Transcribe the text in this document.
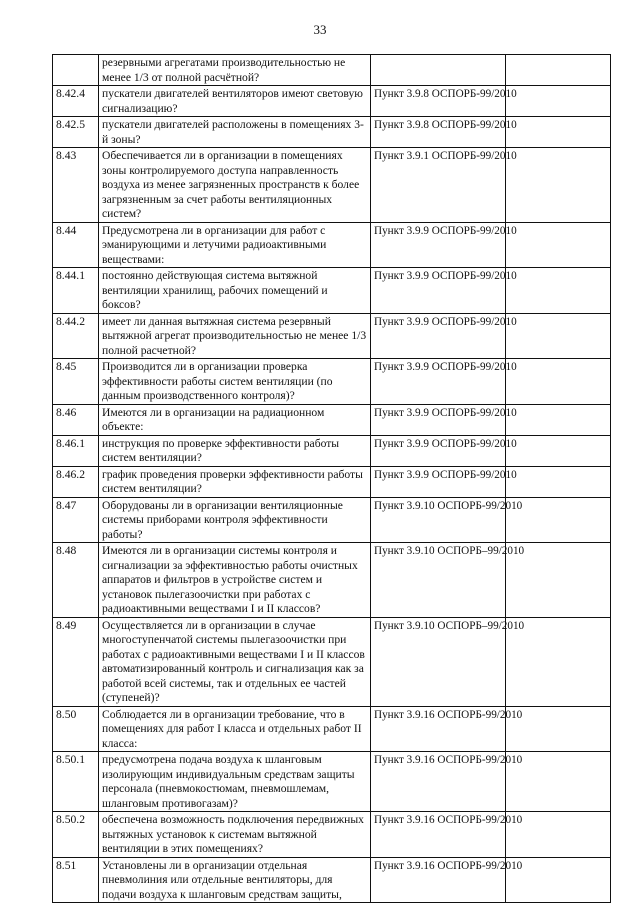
33
	резервными агрегатами производительностью не менее 1/3 от полной расчётной?		
8.42.4	пускатели двигателей вентиляторов имеют световую сигнализацию?	Пункт 3.9.8 ОСПОРБ-99/2010	
8.42.5	пускатели двигателей расположены в помещениях 3-й зоны?	Пункт 3.9.8 ОСПОРБ-99/2010	
8.43	Обеспечивается ли в организации в помещениях зоны контролируемого доступа направленность воздуха из менее загрязненных пространств к более загрязненным за счет работы вентиляционных систем?	Пункт 3.9.1 ОСПОРБ-99/2010	
8.44	Предусмотрена ли в организации для работ с эманирующими и летучими радиоактивными веществами:	Пункт 3.9.9 ОСПОРБ-99/2010	
8.44.1	постоянно действующая система вытяжной вентиляции хранилищ, рабочих помещений и боксов?	Пункт 3.9.9 ОСПОРБ-99/2010	
8.44.2	имеет ли данная вытяжная система резервный вытяжной агрегат производительностью не менее 1/3 полной расчетной?	Пункт 3.9.9 ОСПОРБ-99/2010	
8.45	Производится ли в организации проверка эффективности работы систем вентиляции (по данным производственного контроля)?	Пункт 3.9.9 ОСПОРБ-99/2010	
8.46	Имеются ли в организации на радиационном объекте:	Пункт 3.9.9 ОСПОРБ-99/2010	
8.46.1	инструкция по проверке эффективности работы систем вентиляции?	Пункт 3.9.9 ОСПОРБ-99/2010	
8.46.2	график проведения проверки эффективности работы систем вентиляции?	Пункт 3.9.9 ОСПОРБ-99/2010	
8.47	Оборудованы ли в организации вентиляционные системы приборами контроля эффективности работы?	Пункт 3.9.10 ОСПОРБ-99/2010	
8.48	Имеются ли в организации системы контроля и сигнализации за эффективностью работы очистных аппаратов и фильтров в устройстве систем и установок пылегазоочистки при работах с радиоактивными веществами I и II классов?	Пункт 3.9.10 ОСПОРБ–99/2010	
8.49	Осуществляется ли в организации в случае многоступенчатой системы пылегазоочистки при работах с радиоактивными веществами I и II классов автоматизированный контроль и сигнализация как за работой всей системы, так и отдельных ее частей (ступеней)?	Пункт 3.9.10 ОСПОРБ–99/2010	
8.50	Соблюдается ли в организации требование, что в помещениях для работ I класса и отдельных работ II класса:	Пункт 3.9.16 ОСПОРБ-99/2010	
8.50.1	предусмотрена подача воздуха к шланговым изолирующим индивидуальным средствам защиты персонала (пневмокостюмам, пневмошлемам, шланговым противогазам)?	Пункт 3.9.16 ОСПОРБ-99/2010	
8.50.2	обеспечена возможность подключения передвижных вытяжных установок к системам вытяжной вентиляции в этих помещениях?	Пункт 3.9.16 ОСПОРБ-99/2010	
8.51	Установлены ли в организации отдельная пневмолиния или отдельные вентиляторы, для подачи воздуха к шланговым средствам защиты,	Пункт 3.9.16 ОСПОРБ-99/2010	
